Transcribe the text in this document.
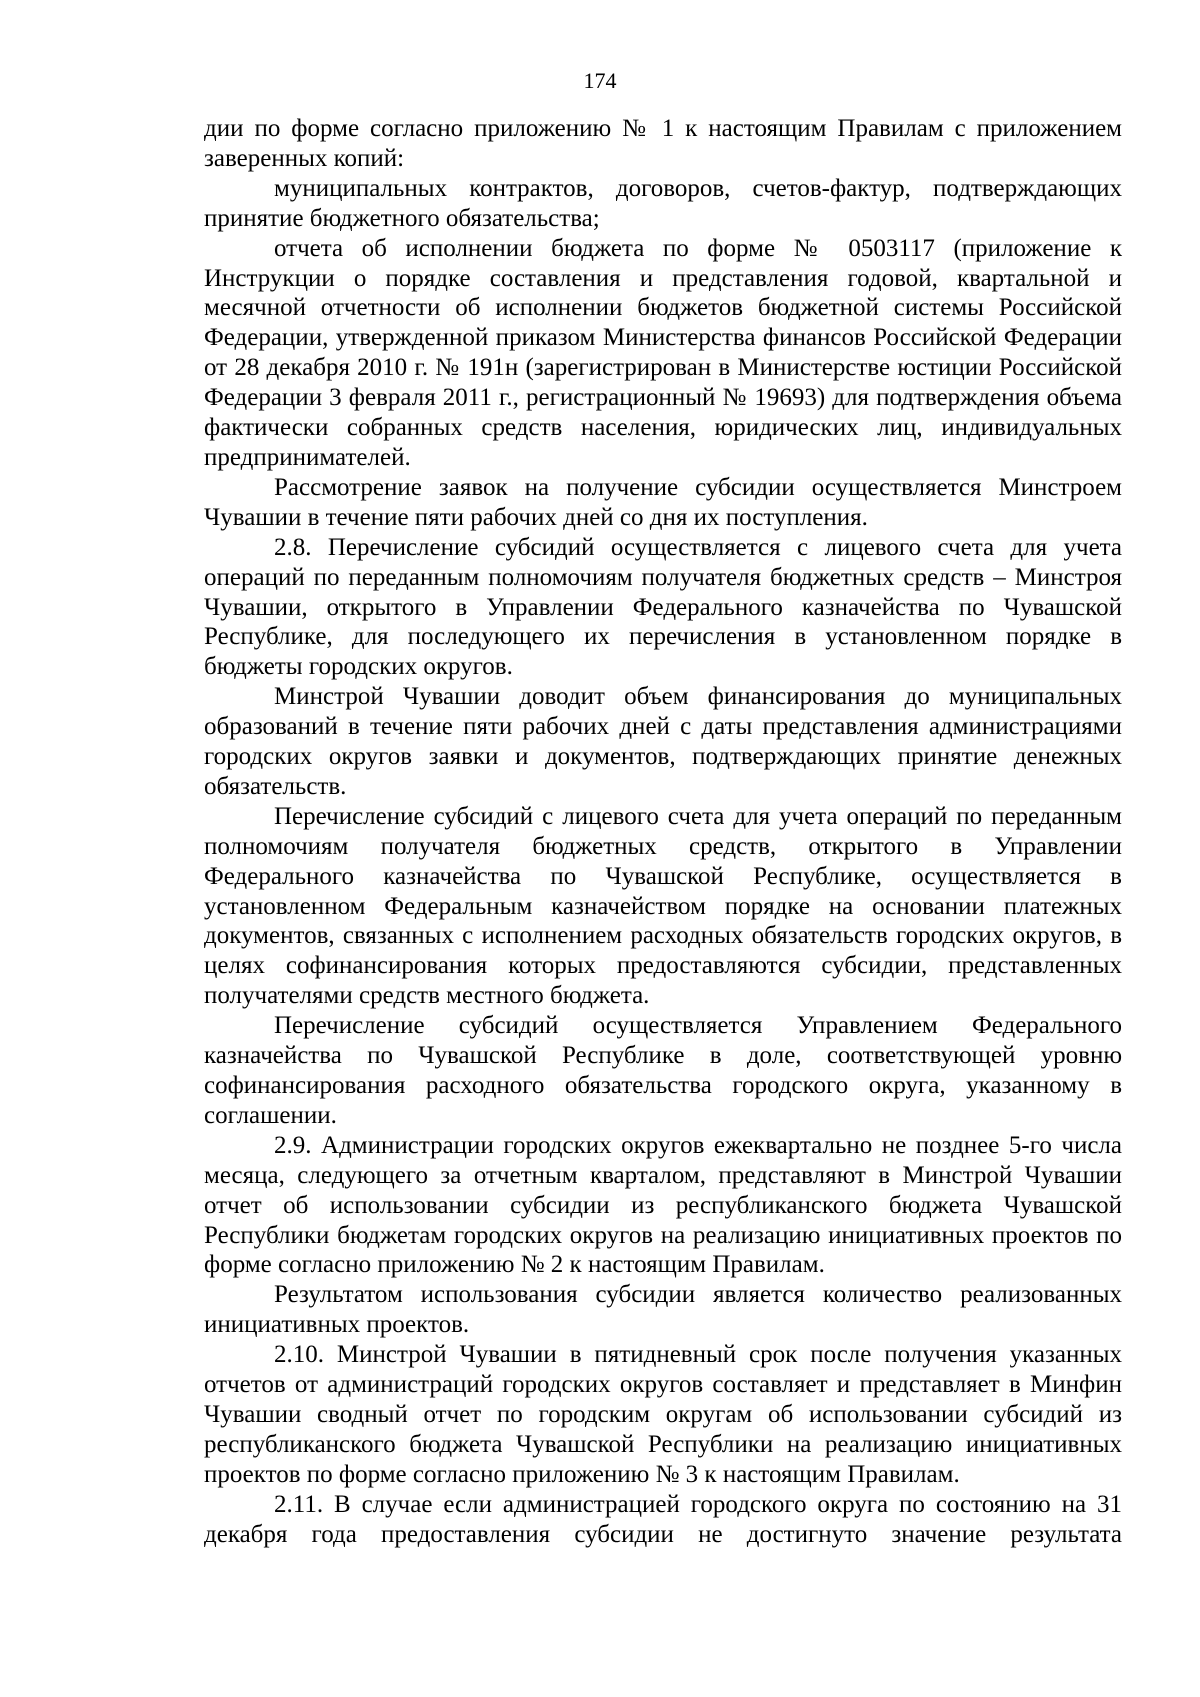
174

дии по форме согласно приложению № 1 к настоящим Правилам с приложением заверенных копий:

муниципальных контрактов, договоров, счетов-фактур, подтверждающих принятие бюджетного обязательства;

отчета об исполнении бюджета по форме № 0503117 (приложение к Инструкции о порядке составления и представления годовой, квартальной и месячной отчетности об исполнении бюджетов бюджетной системы Российской Федерации, утвержденной приказом Министерства финансов Российской Федерации от 28 декабря 2010 г. № 191н (зарегистрирован в Министерстве юстиции Российской Федерации 3 февраля 2011 г., регистрационный № 19693) для подтверждения объема фактически собранных средств населения, юридических лиц, индивидуальных предпринимателей.

Рассмотрение заявок на получение субсидии осуществляется Минстроем Чувашии в течение пяти рабочих дней со дня их поступления.

2.8. Перечисление субсидий осуществляется с лицевого счета для учета операций по переданным полномочиям получателя бюджетных средств – Минстроя Чувашии, открытого в Управлении Федерального казначейства по Чувашской Республике, для последующего их перечисления в установленном порядке в бюджеты городских округов.

Минстрой Чувашии доводит объем финансирования до муниципальных образований в течение пяти рабочих дней с даты представления администрациями городских округов заявки и документов, подтверждающих принятие денежных обязательств.

Перечисление субсидий с лицевого счета для учета операций по переданным полномочиям получателя бюджетных средств, открытого в Управлении Федерального казначейства по Чувашской Республике, осуществляется в установленном Федеральным казначейством порядке на основании платежных документов, связанных с исполнением расходных обязательств городских округов, в целях софинансирования которых предоставляются субсидии, представленных получателями средств местного бюджета.

Перечисление субсидий осуществляется Управлением Федерального казначейства по Чувашской Республике в доле, соответствующей уровню софинансирования расходного обязательства городского округа, указанному в соглашении.

2.9. Администрации городских округов ежеквартально не позднее 5-го числа месяца, следующего за отчетным кварталом, представляют в Минстрой Чувашии отчет об использовании субсидии из республиканского бюджета Чувашской Республики бюджетам городских округов на реализацию инициативных проектов по форме согласно приложению № 2 к настоящим Правилам.

Результатом использования субсидии является количество реализованных инициативных проектов.

2.10. Минстрой Чувашии в пятидневный срок после получения указанных отчетов от администраций городских округов составляет и представляет в Минфин Чувашии сводный отчет по городским округам об использовании субсидий из республиканского бюджета Чувашской Республики на реализацию инициативных проектов по форме согласно приложению № 3 к настоящим Правилам.

2.11. В случае если администрацией городского округа по состоянию на 31 декабря года предоставления субсидии не достигнуто значение результата
